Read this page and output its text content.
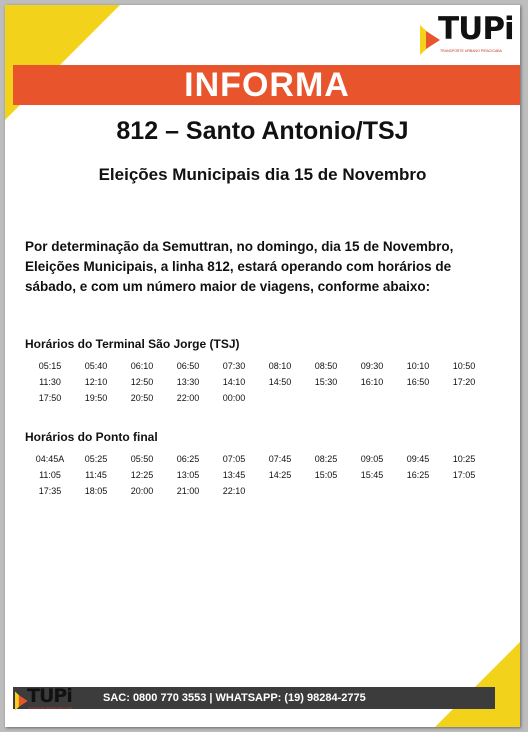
TUPi
TRANSPORTE URBANO PIRACICABA
INFORMA
812 – Santo Antonio/TSJ
Eleições Municipais dia 15 de Novembro

Por determinação da Semuttran, no domingo, dia 15 de Novembro,
Eleições Municipais, a linha 812, estará operando com horários de
sábado, e com um número maior de viagens, conforme abaixo:

Horários do Terminal São Jorge (TSJ)
05:15	05:40	06:10	06:50	07:30	08:10	08:50	09:30	10:10	10:50
11:30	12:10	12:50	13:30	14:10	14:50	15:30	16:10	16:50	17:20
17:50	19:50	20:50	22:00	00:00
Horários do Ponto final
04:45A	05:25	05:50	06:25	07:05	07:45	08:25	09:05	09:45	10:25
11:05	11:45	12:25	13:05	13:45	14:25	15:05	15:45	16:25	17:05
17:35	18:05	20:00	21:00	22:10
SAC: 0800 770 3553 | WHATSAPP: (19) 98284-2775
TUPi
TRANSPORTE URBANO PIRACICABA
